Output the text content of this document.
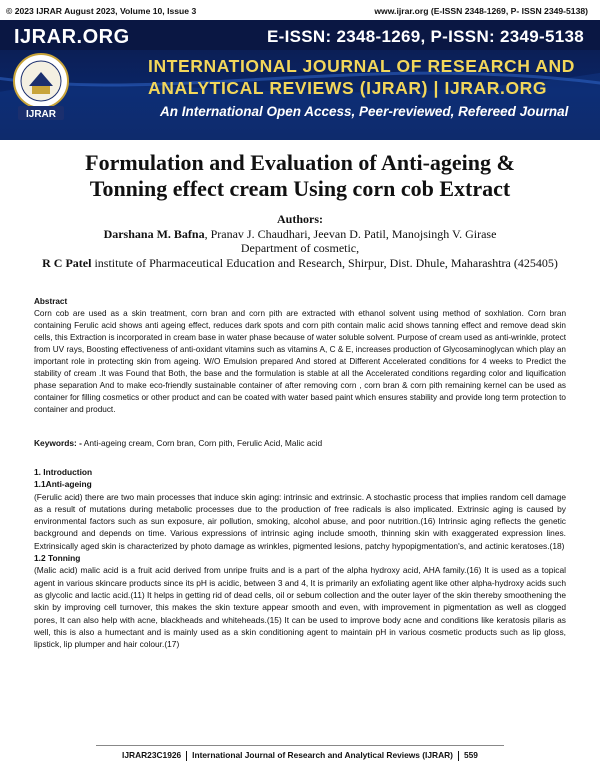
© 2023 IJRAR August 2023, Volume 10, Issue 3	www.ijrar.org (E-ISSN 2348-1269, P- ISSN 2349-5138)
IJRAR.ORG	E-ISSN: 2348-1269, P-ISSN: 2349-5138
IJRAR
INTERNATIONAL JOURNAL OF RESEARCH AND
ANALYTICAL REVIEWS (IJRAR) | IJRAR.ORG
An International Open Access, Peer-reviewed, Refereed Journal
Formulation and Evaluation of Anti-ageing &
Tonning effect cream Using corn cob Extract
Authors:
Darshana M. Bafna, Pranav J. Chaudhari, Jeevan D. Patil, Manojsingh V. Girase
Department of cosmetic,
R C Patel institute of Pharmaceutical Education and Research, Shirpur, Dist. Dhule, Maharashtra (425405)
Abstract
Corn cob are used as a skin treatment, corn bran and corn pith are extracted with ethanol solvent using method of soxhlation. Corn bran containing Ferulic acid shows anti ageing effect, reduces dark spots and corn pith contain malic acid shows tanning effect and remove dead skin cells, this Extraction is incorporated in cream base in water phase because of water soluble solvent. Purpose of cream used as anti-wrinkle, protect from UV rays, Boosting effectiveness of anti-oxidant vitamins such as vitamins A, C & E, increases production of Glycosaminoglycan which play an important role in protecting skin from ageing. W/O Emulsion prepared And stored at Different Accelerated conditions for 4 weeks to Predict the stability of cream .It was Found that Both, the base and the formulation is stable at all the Accelerated conditions regarding color and liquification phase separation And to make eco-friendly sustainable container of after removing corn , corn bran & corn pith remaining kernel can be used as container for filling cosmetics or other product and can be coated with water based paint which ensures stability and provide long term protection to container and product.
Keywords: - Anti-ageing cream, Corn bran, Corn pith, Ferulic Acid, Malic acid
1. Introduction
1.1Anti-ageing
(Ferulic acid) there are two main processes that induce skin aging: intrinsic and extrinsic. A stochastic process that implies random cell damage as a result of mutations during metabolic processes due to the production of free radicals is also implicated. Extrinsic aging is caused by environmental factors such as sun exposure, air pollution, smoking, alcohol abuse, and poor nutrition.(16) Intrinsic aging reflects the genetic background and depends on time. Various expressions of intrinsic aging include smooth, thinning skin with exaggerated expression lines. Extrinsically aged skin is characterized by photo damage as wrinkles, pigmented lesions, patchy hypopigmentation's, and actinic keratoses.(18)
1.2 Tonning
(Malic acid) malic acid is a fruit acid derived from unripe fruits and is a part of the alpha hydroxy acid, AHA family.(16) It is used as a topical agent in various skincare products since its pH is acidic, between 3 and 4, It is primarily an exfoliating agent like other alpha-hydroxy acids such as glycolic and lactic acid.(11) It helps in getting rid of dead cells, oil or sebum collection and the outer layer of the skin thereby smoothening the skin by improving cell turnover, this makes the skin texture appear smooth and even, with improvement in pigmentation as well as clogged pores, It can also help with acne, blackheads and whiteheads.(15) It can be used to improve body acne and conditions like keratosis pilaris as well, this is also a humectant and is mainly used as a skin conditioning agent to maintain pH in various cosmetic products such as lip gloss, lipstick, lip plumper and hair colour.(17)
IJRAR23C1926 International Journal of Research and Analytical Reviews (IJRAR) 559
